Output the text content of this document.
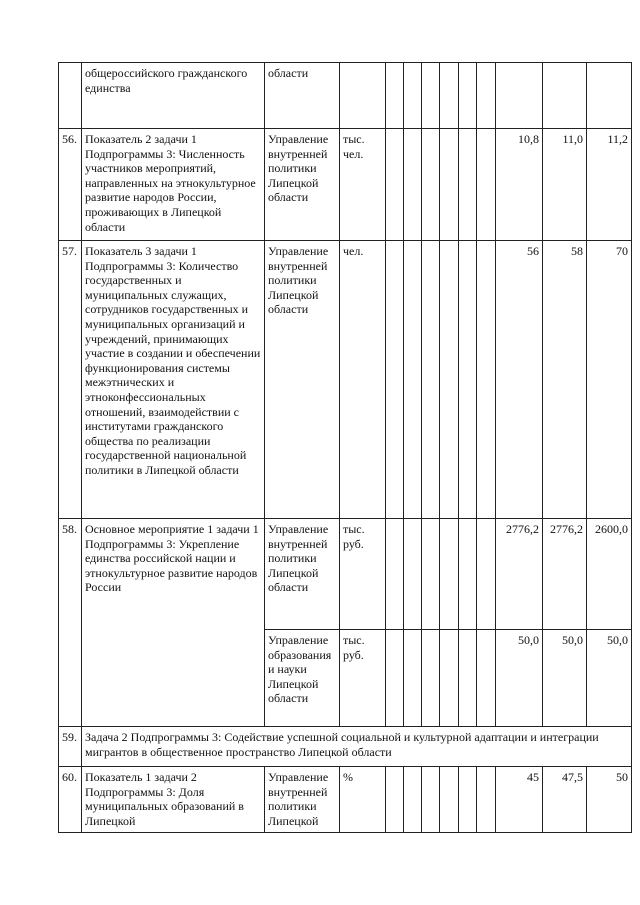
	общероссийского гражданского единства	области										
56.	Показатель 2 задачи 1 Подпрограммы 3: Численность участников мероприятий, направленных на этнокультурное развитие народов России, проживающих в Липецкой области	Управление внутренней политики Липецкой области	тыс. чел.							10,8	11,0	11,2
57.	Показатель 3 задачи 1 Подпрограммы 3: Количество государственных и муниципальных служащих, сотрудников государственных и муниципальных организаций и учреждений, принимающих участие в создании и обеспечении функционирования системы межэтнических и этноконфессиональных отношений, взаимодействии с институтами гражданского общества по реализации государственной национальной политики в Липецкой области	Управление внутренней политики Липецкой области	чел.							56	58	70
58.	Основное мероприятие 1 задачи 1 Подпрограммы 3: Укрепление единства российской нации и этнокультурное развитие народов России	Управление внутренней политики Липецкой области	тыс. руб.							2776,2	2776,2	2600,0
		Управление образования и науки Липецкой области	тыс. руб.							50,0	50,0	50,0
59.	Задача 2 Подпрограммы 3: Содействие успешной социальной и культурной адаптации и интеграции мигрантов в общественное пространство Липецкой области											
60.	Показатель 1 задачи 2 Подпрограммы 3: Доля муниципальных образований в Липецкой	Управление внутренней политики Липецкой	%							45	47,5	50
